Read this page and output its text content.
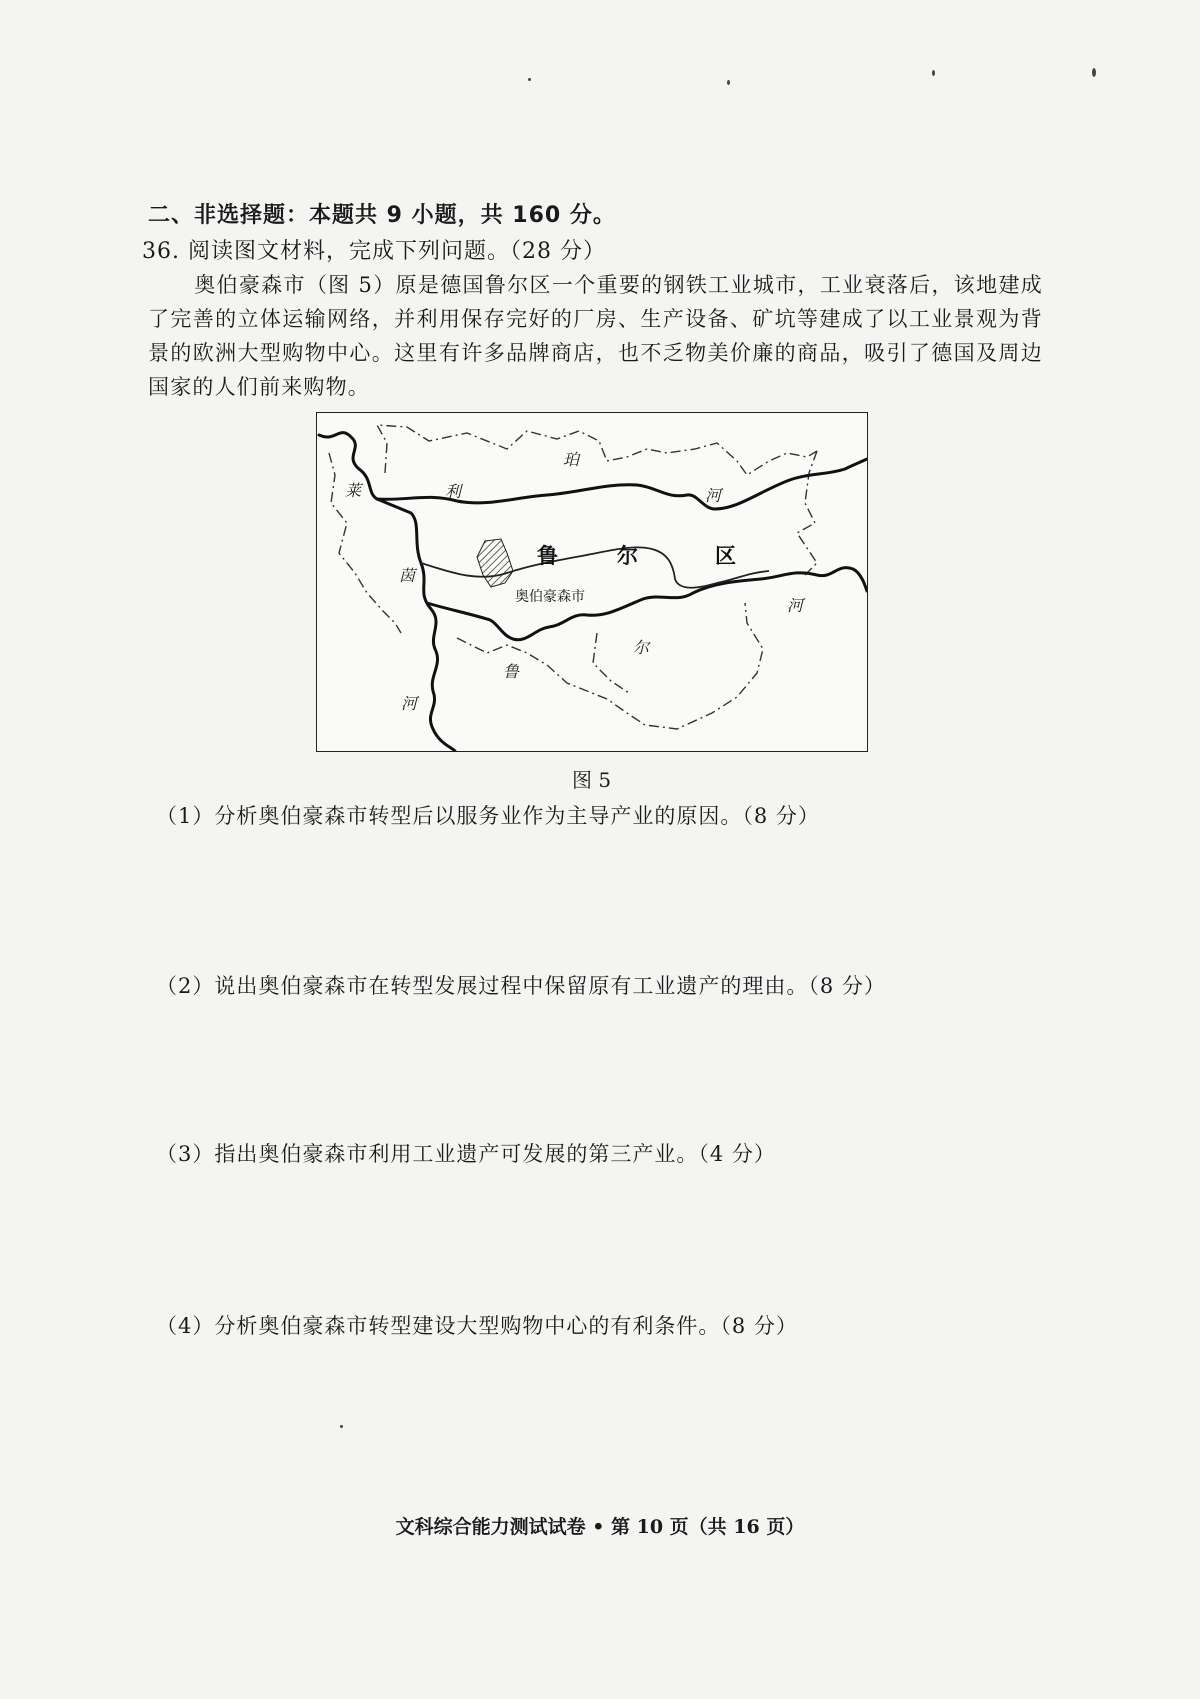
二、非选择题：本题共 9 小题，共 160 分。
36. 阅读图文材料，完成下列问题。（28 分）
奥伯豪森市（图 5）原是德国鲁尔区一个重要的钢铁工业城市，工业衰落后，该地建成了完善的立体运输网络，并利用保存完好的厂房、生产设备、矿坑等建成了以工业景观为背景的欧洲大型购物中心。这里有许多品牌商店，也不乏物美价廉的商品，吸引了德国及周边国家的人们前来购物。
莱
茵
河
利
珀
河
鲁	尔	区
奥伯豪森市
鲁
尔
河
图 5
（1）分析奥伯豪森市转型后以服务业作为主导产业的原因。（8 分）
（2）说出奥伯豪森市在转型发展过程中保留原有工业遗产的理由。（8 分）
（3）指出奥伯豪森市利用工业遗产可发展的第三产业。（4 分）
（4）分析奥伯豪森市转型建设大型购物中心的有利条件。（8 分）
文科综合能力测试试卷 • 第 10 页（共 16 页）
